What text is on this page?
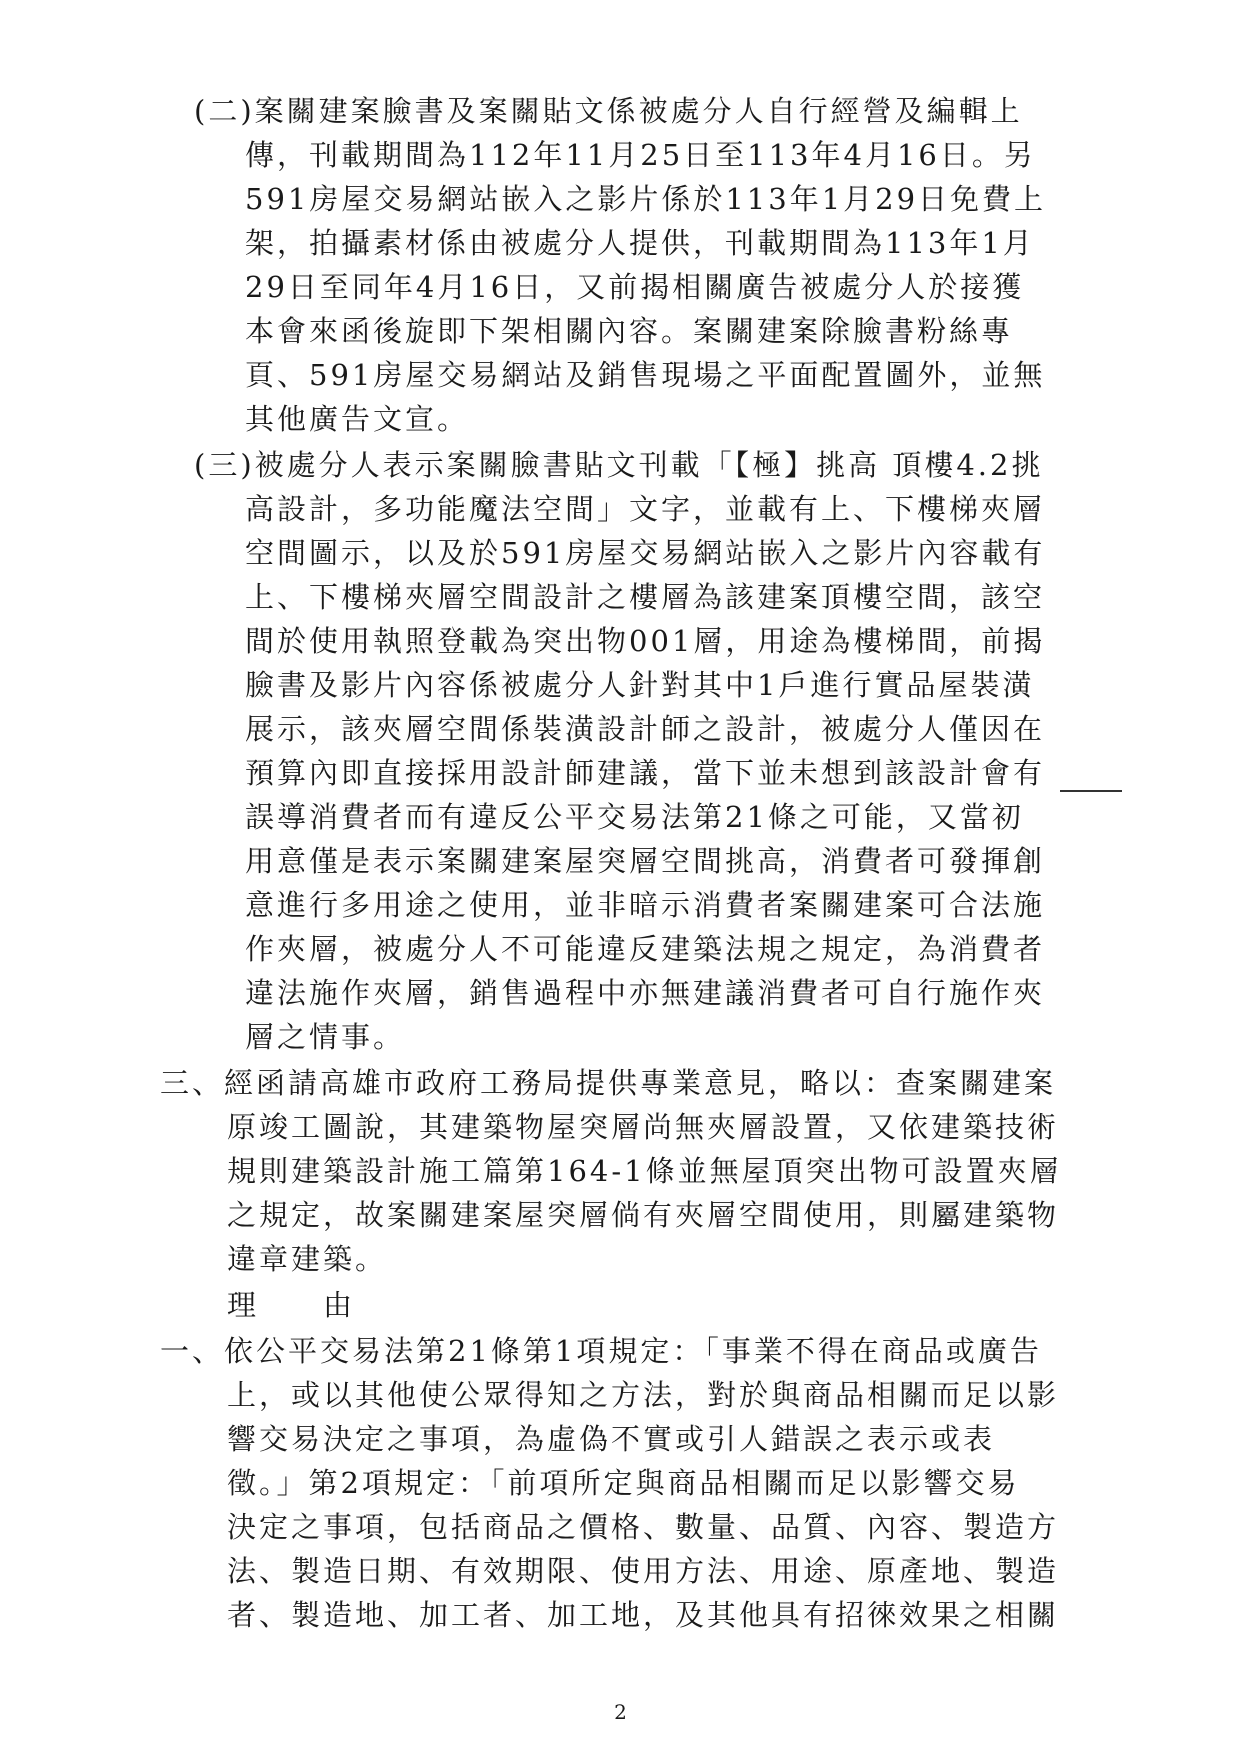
(二)案關建案臉書及案關貼文係被處分人自行經營及編輯上
傳，刊載期間為112年11月25日至113年4月16日。另
591房屋交易網站嵌入之影片係於113年1月29日免費上
架，拍攝素材係由被處分人提供，刊載期間為113年1月
29日至同年4月16日，又前揭相關廣告被處分人於接獲
本會來函後旋即下架相關內容。案關建案除臉書粉絲專
頁、591房屋交易網站及銷售現場之平面配置圖外，並無
其他廣告文宣。
(三)被處分人表示案關臉書貼文刊載「【極】挑高 頂樓4.2挑
高設計，多功能魔法空間」文字，並載有上、下樓梯夾層
空間圖示，以及於591房屋交易網站嵌入之影片內容載有
上、下樓梯夾層空間設計之樓層為該建案頂樓空間，該空
間於使用執照登載為突出物001層，用途為樓梯間，前揭
臉書及影片內容係被處分人針對其中1戶進行實品屋裝潢
展示，該夾層空間係裝潢設計師之設計，被處分人僅因在
預算內即直接採用設計師建議，當下並未想到該設計會有
誤導消費者而有違反公平交易法第21條之可能，又當初
用意僅是表示案關建案屋突層空間挑高，消費者可發揮創
意進行多用途之使用，並非暗示消費者案關建案可合法施
作夾層，被處分人不可能違反建築法規之規定，為消費者
違法施作夾層，銷售過程中亦無建議消費者可自行施作夾
層之情事。
三、經函請高雄市政府工務局提供專業意見，略以：查案關建案
原竣工圖說，其建築物屋突層尚無夾層設置，又依建築技術
規則建築設計施工篇第164-1條並無屋頂突出物可設置夾層
之規定，故案關建案屋突層倘有夾層空間使用，則屬建築物
違章建築。
理　　由
一、依公平交易法第21條第1項規定：「事業不得在商品或廣告
上，或以其他使公眾得知之方法，對於與商品相關而足以影
響交易決定之事項，為虛偽不實或引人錯誤之表示或表
徵。」第2項規定：「前項所定與商品相關而足以影響交易
決定之事項，包括商品之價格、數量、品質、內容、製造方
法、製造日期、有效期限、使用方法、用途、原產地、製造
者、製造地、加工者、加工地，及其他具有招徠效果之相關
2
